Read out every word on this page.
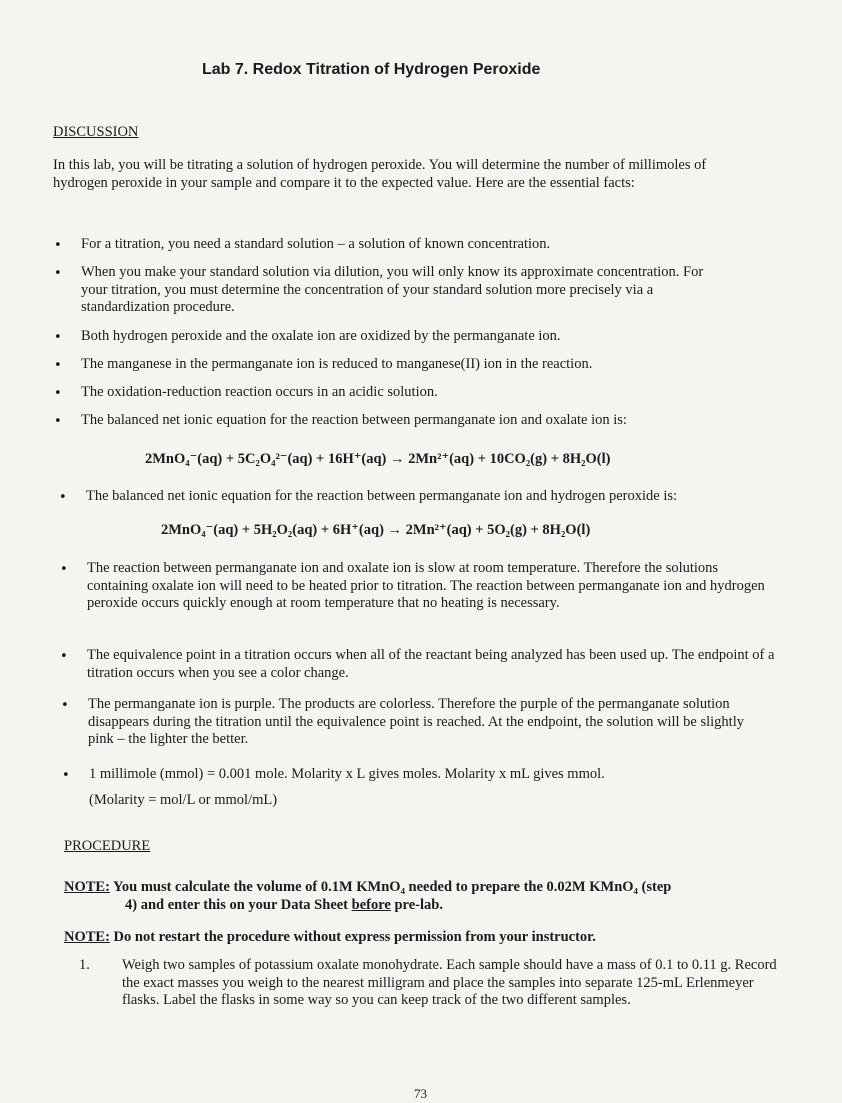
Lab 7. Redox Titration of Hydrogen Peroxide
DISCUSSION
In this lab, you will be titrating a solution of hydrogen peroxide. You will determine the number of millimoles of hydrogen peroxide in your sample and compare it to the expected value. Here are the essential facts:
• For a titration, you need a standard solution – a solution of known concentration.
• When you make your standard solution via dilution, you will only know its approximate concentration. For your titration, you must determine the concentration of your standard solution more precisely via a standardization procedure.
• Both hydrogen peroxide and the oxalate ion are oxidized by the permanganate ion.
• The manganese in the permanganate ion is reduced to manganese(II) ion in the reaction.
• The oxidation-reduction reaction occurs in an acidic solution.
• The balanced net ionic equation for the reaction between permanganate ion and oxalate ion is:
2MnO₄⁻(aq) + 5C₂O₄²⁻(aq) + 16H⁺(aq) → 2Mn²⁺(aq) + 10CO₂(g) + 8H₂O(l)
• The balanced net ionic equation for the reaction between permanganate ion and hydrogen peroxide is:
2MnO₄⁻(aq) + 5H₂O₂(aq) + 6H⁺(aq) → 2Mn²⁺(aq) + 5O₂(g) + 8H₂O(l)
• The reaction between permanganate ion and oxalate ion is slow at room temperature. Therefore the solutions containing oxalate ion will need to be heated prior to titration. The reaction between permanganate ion and hydrogen peroxide occurs quickly enough at room temperature that no heating is necessary.
• The equivalence point in a titration occurs when all of the reactant being analyzed has been used up. The endpoint of a titration occurs when you see a color change.
• The permanganate ion is purple. The products are colorless. Therefore the purple of the permanganate solution disappears during the titration until the equivalence point is reached. At the endpoint, the solution will be slightly pink – the lighter the better.
• 1 millimole (mmol) = 0.001 mole. Molarity x L gives moles. Molarity x mL gives mmol.
(Molarity = mol/L or mmol/mL)
PROCEDURE
NOTE: You must calculate the volume of 0.1M KMnO₄ needed to prepare the 0.02M KMnO₄ (step
4) and enter this on your Data Sheet before pre-lab.
NOTE: Do not restart the procedure without express permission from your instructor.
1. Weigh two samples of potassium oxalate monohydrate. Each sample should have a mass of 0.1 to 0.11 g. Record the exact masses you weigh to the nearest milligram and place the samples into separate 125-mL Erlenmeyer flasks. Label the flasks in some way so you can keep track of the two different samples.
73
